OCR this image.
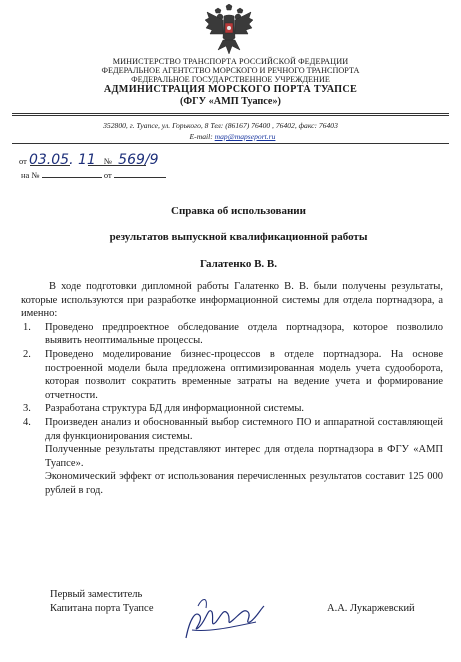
МИНИСТЕРСТВО ТРАНСПОРТА РОССИЙСКОЙ ФЕДЕРАЦИИ
ФЕДЕРАЛЬНОЕ АГЕНТСТВО МОРСКОГО И РЕЧНОГО ТРАНСПОРТА
ФЕДЕРАЛЬНОЕ ГОСУДАРСТВЕННОЕ УЧРЕЖДЕНИЕ
АДМИНИСТРАЦИЯ МОРСКОГО ПОРТА ТУАПСЕ
(ФГУ «АМП Туапсе»)
352800, г. Туапсе, ул. Горького, 8 Тел: (86167) 76400 , 76402, факс: 76403
E-mail: map@mapseport.ru
от 03.05. 11 № 569/9
на №	от
Справка об использовании
результатов выпускной квалификационной работы
Галатенко В. В.

В ходе подготовки дипломной работы Галатенко В. В. были получены результаты, которые используются при разработке информационной системы для отдела портнадзора, а именно:

1. Проведено предпроектное обследование отдела портнадзора, которое позволило выявить неоптимальные процессы.
2. Проведено моделирование бизнес-процессов в отделе портнадзора. На основе построенной модели была предложена оптимизированная модель учета судооборота, которая позволит сократить временные затраты на ведение учета и формирование отчетности.
3. Разработана структура БД для информационной системы.
4. Произведен анализ и обоснованный выбор системного ПО и аппаратной составляющей для функционирования системы.

Полученные результаты представляют интерес для отдела портнадзора в ФГУ «АМП Туапсе».

Экономический эффект от использования перечисленных результатов составит 125 000 рублей в год.

Первый заместитель
Капитана порта Туапсе	А.А. Лукаржевский
